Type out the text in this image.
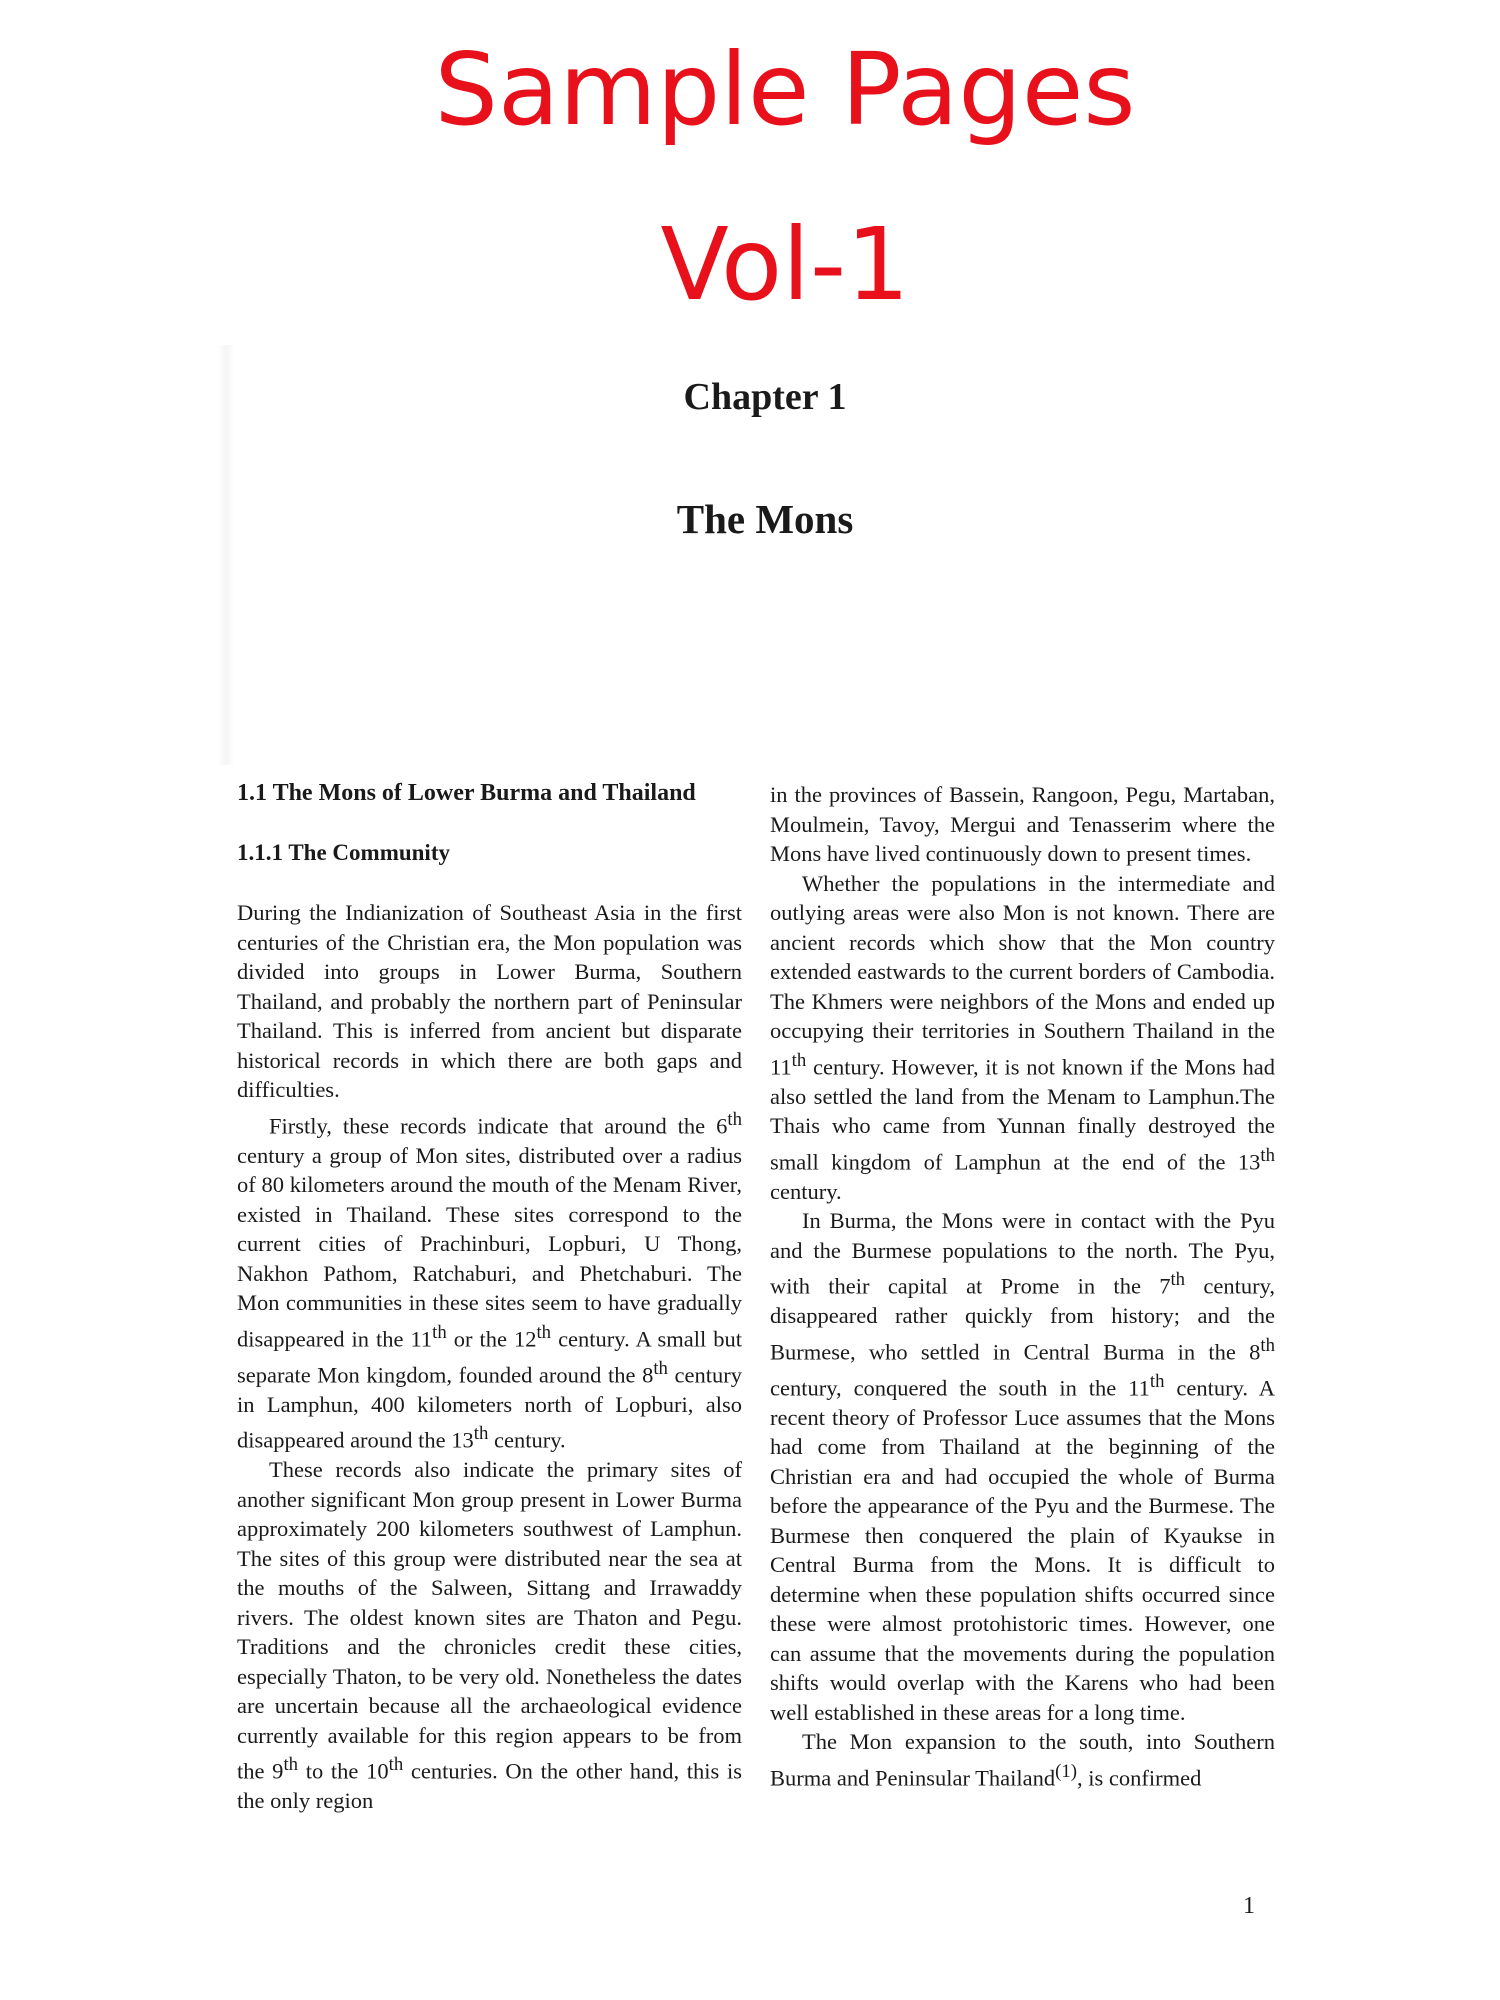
Sample Pages
Vol-1
Chapter 1
The Mons
1.1 The Mons of Lower Burma and Thailand
1.1.1 The Community

During the Indianization of Southeast Asia in the first centuries of the Christian era, the Mon population was divided into groups in Lower Burma, Southern Thailand, and probably the northern part of Peninsular Thailand. This is inferred from ancient but disparate historical records in which there are both gaps and difficulties.

Firstly, these records indicate that around the 6th century a group of Mon sites, distributed over a radius of 80 kilometers around the mouth of the Menam River, existed in Thailand. These sites correspond to the current cities of Prachinburi, Lopburi, U Thong, Nakhon Pathom, Ratchaburi, and Phetchaburi. The Mon communities in these sites seem to have gradually disappeared in the 11th or the 12th century. A small but separate Mon kingdom, founded around the 8th century in Lamphun, 400 kilometers north of Lopburi, also disappeared around the 13th century.

These records also indicate the primary sites of another significant Mon group present in Lower Burma approximately 200 kilometers southwest of Lamphun. The sites of this group were distributed near the sea at the mouths of the Salween, Sittang and Irrawaddy rivers. The oldest known sites are Thaton and Pegu. Traditions and the chronicles credit these cities, especially Thaton, to be very old. Nonetheless the dates are uncertain because all the archaeological evidence currently available for this region appears to be from the 9th to the 10th centuries. On the other hand, this is the only region

in the provinces of Bassein, Rangoon, Pegu, Martaban, Moulmein, Tavoy, Mergui and Tenasserim where the Mons have lived continuously down to present times.

Whether the populations in the intermediate and outlying areas were also Mon is not known. There are ancient records which show that the Mon country extended eastwards to the current borders of Cambodia. The Khmers were neighbors of the Mons and ended up occupying their territories in Southern Thailand in the 11th century. However, it is not known if the Mons had also settled the land from the Menam to Lamphun.The Thais who came from Yunnan finally destroyed the small kingdom of Lamphun at the end of the 13th century.

In Burma, the Mons were in contact with the Pyu and the Burmese populations to the north. The Pyu, with their capital at Prome in the 7th century, disappeared rather quickly from history; and the Burmese, who settled in Central Burma in the 8th century, conquered the south in the 11th century. A recent theory of Professor Luce assumes that the Mons had come from Thailand at the beginning of the Christian era and had occupied the whole of Burma before the appearance of the Pyu and the Burmese. The Burmese then conquered the plain of Kyaukse in Central Burma from the Mons. It is difficult to determine when these population shifts occurred since these were almost protohistoric times. However, one can assume that the movements during the population shifts would overlap with the Karens who had been well established in these areas for a long time.

The Mon expansion to the south, into Southern Burma and Peninsular Thailand$^{(1)}$, is confirmed

1
